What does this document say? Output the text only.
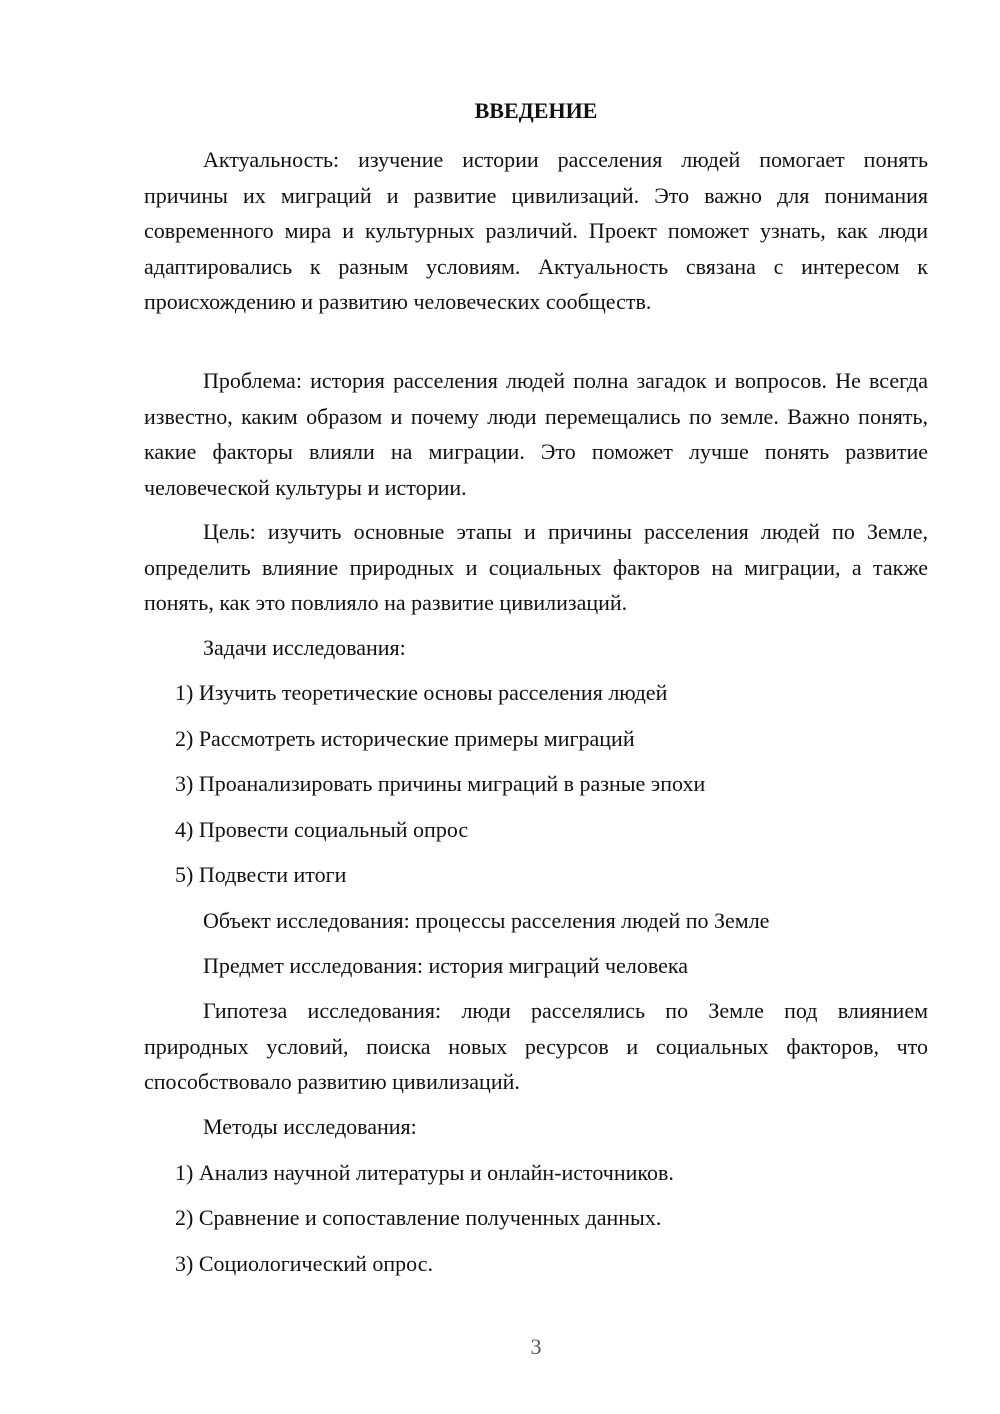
ВВЕДЕНИЕ

Актуальность: изучение истории расселения людей помогает понять причины их миграций и развитие цивилизаций. Это важно для понимания современного мира и культурных различий. Проект поможет узнать, как люди адаптировались к разным условиям. Актуальность связана с интересом к происхождению и развитию человеческих сообществ.

Проблема: история расселения людей полна загадок и вопросов. Не всегда известно, каким образом и почему люди перемещались по земле. Важно понять, какие факторы влияли на миграции. Это поможет лучше понять развитие человеческой культуры и истории.

Цель: изучить основные этапы и причины расселения людей по Земле, определить влияние природных и социальных факторов на миграции, а также понять, как это повлияло на развитие цивилизаций.

Задачи исследования:
1) Изучить теоретические основы расселения людей
2) Рассмотреть исторические примеры миграций
3) Проанализировать причины миграций в разные эпохи
4) Провести социальный опрос
5) Подвести итоги
Объект исследования: процессы расселения людей по Земле
Предмет исследования: история миграций человека

Гипотеза исследования: люди расселялись по Земле под влиянием природных условий, поиска новых ресурсов и социальных факторов, что способствовало развитию цивилизаций.

Методы исследования:
1) Анализ научной литературы и онлайн-источников.
2) Сравнение и сопоставление полученных данных.
3) Социологический опрос.
3
